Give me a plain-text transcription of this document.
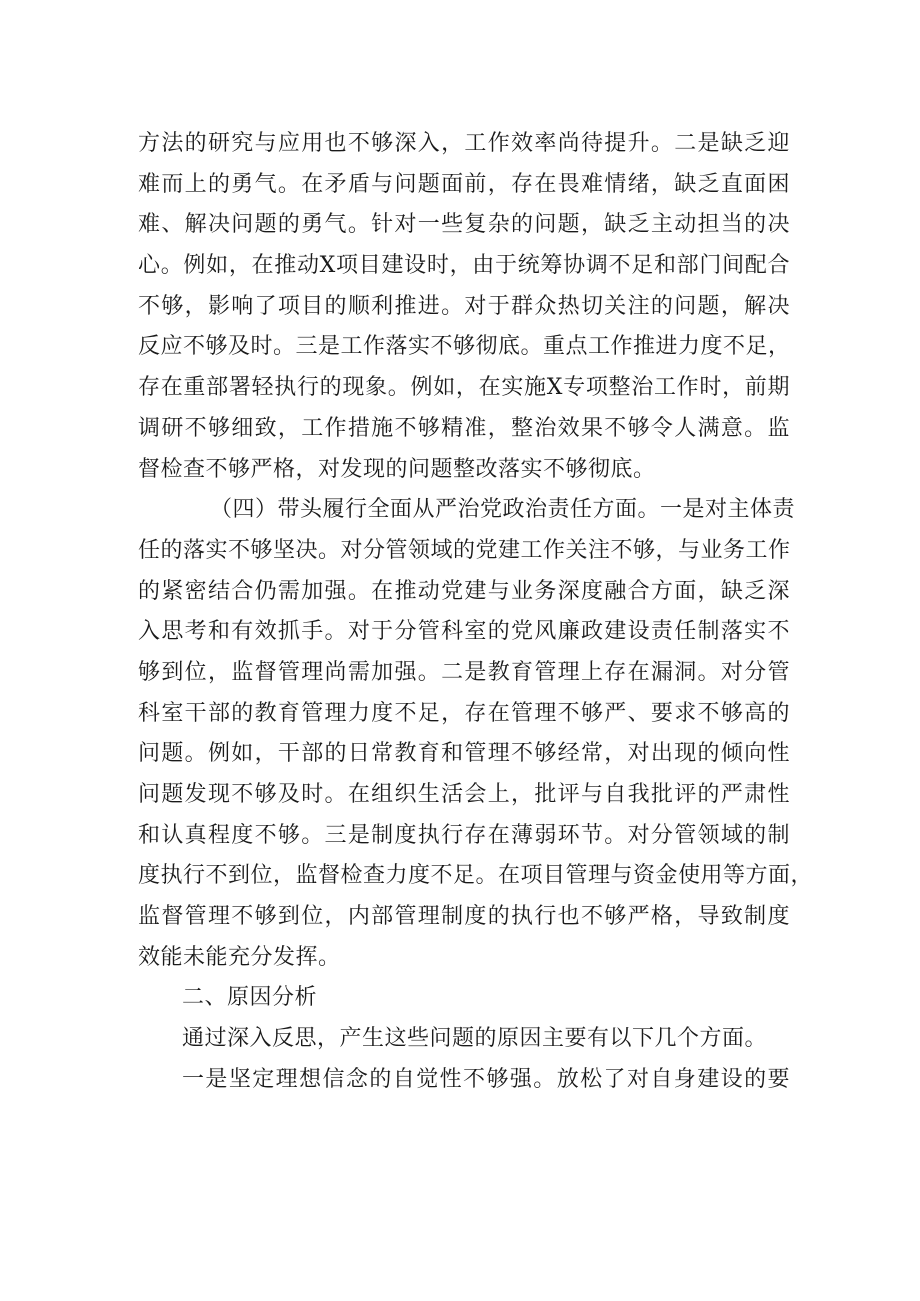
方法的研究与应用也不够深入，工作效率尚待提升。二是缺乏迎
难而上的勇气。在矛盾与问题面前，存在畏难情绪，缺乏直面困
难、解决问题的勇气。针对一些复杂的问题，缺乏主动担当的决
心。例如，在推动X项目建设时，由于统筹协调不足和部门间配合
不够，影响了项目的顺利推进。对于群众热切关注的问题，解决
反应不够及时。三是工作落实不够彻底。重点工作推进力度不足，
存在重部署轻执行的现象。例如，在实施X专项整治工作时，前期
调研不够细致，工作措施不够精准，整治效果不够令人满意。监
督检查不够严格，对发现的问题整改落实不够彻底。
（四）带头履行全面从严治党政治责任方面。一是对主体责
任的落实不够坚决。对分管领域的党建工作关注不够，与业务工作
的紧密结合仍需加强。在推动党建与业务深度融合方面，缺乏深
入思考和有效抓手。对于分管科室的党风廉政建设责任制落实不
够到位，监督管理尚需加强。二是教育管理上存在漏洞。对分管
科室干部的教育管理力度不足，存在管理不够严、要求不够高的
问题。例如，干部的日常教育和管理不够经常，对出现的倾向性
问题发现不够及时。在组织生活会上，批评与自我批评的严肃性
和认真程度不够。三是制度执行存在薄弱环节。对分管领域的制
度执行不到位，监督检查力度不足。在项目管理与资金使用等方面，
监督管理不够到位，内部管理制度的执行也不够严格，导致制度
效能未能充分发挥。
二、原因分析
通过深入反思，产生这些问题的原因主要有以下几个方面。
一是坚定理想信念的自觉性不够强。放松了对自身建设的要
